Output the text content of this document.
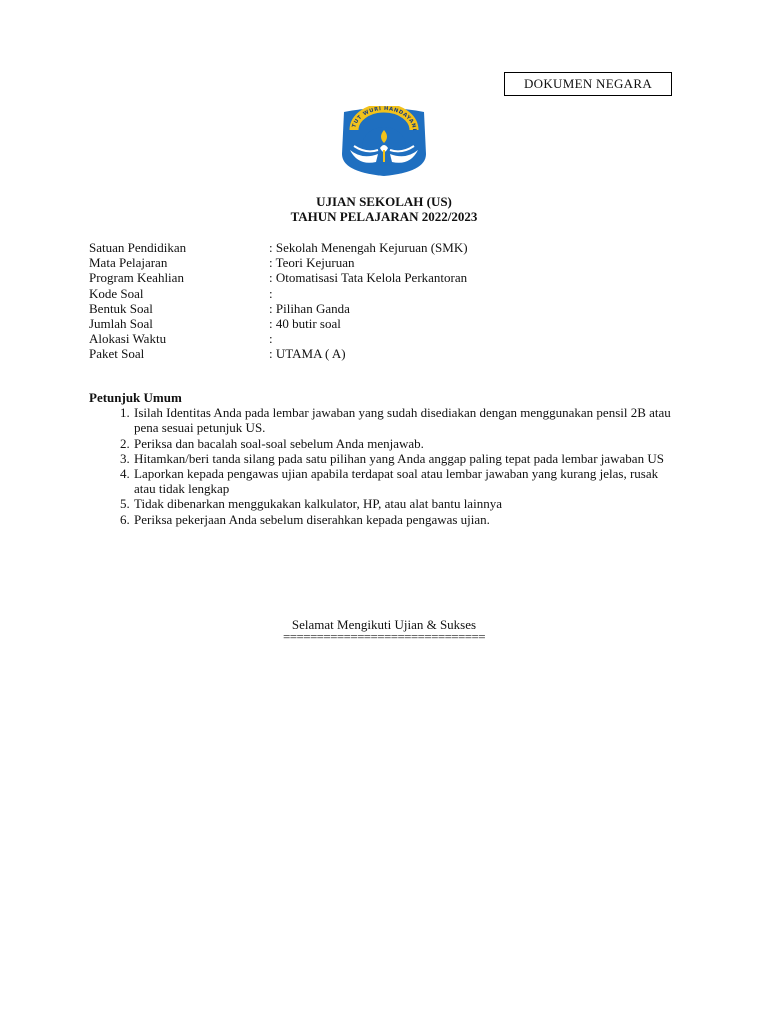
DOKUMEN NEGARA
TUT WURI HANDAYANI
UJIAN SEKOLAH (US)
TAHUN PELAJARAN 2022/2023
Satuan Pendidikan	: Sekolah Menengah Kejuruan (SMK)
Mata Pelajaran	: Teori Kejuruan
Program Keahlian	: Otomatisasi Tata Kelola Perkantoran
Kode Soal	:
Bentuk Soal	: Pilihan Ganda
Jumlah Soal	: 40 butir soal
Alokasi Waktu	:
Paket Soal	: UTAMA ( A)
Petunjuk Umum
1. Isilah Identitas Anda pada lembar jawaban yang sudah disediakan dengan menggunakan pensil 2B atau pena sesuai petunjuk US.
2. Periksa dan bacalah soal-soal sebelum Anda menjawab.
3. Hitamkan/beri tanda silang pada satu pilihan yang Anda anggap paling tepat pada lembar jawaban US
4. Laporkan kepada pengawas ujian apabila terdapat soal atau lembar jawaban yang kurang jelas, rusak atau tidak lengkap
5. Tidak dibenarkan menggukakan kalkulator, HP, atau alat bantu lainnya
6. Periksa pekerjaan Anda sebelum diserahkan kepada pengawas ujian.
Selamat Mengikuti Ujian & Sukses
==============================
